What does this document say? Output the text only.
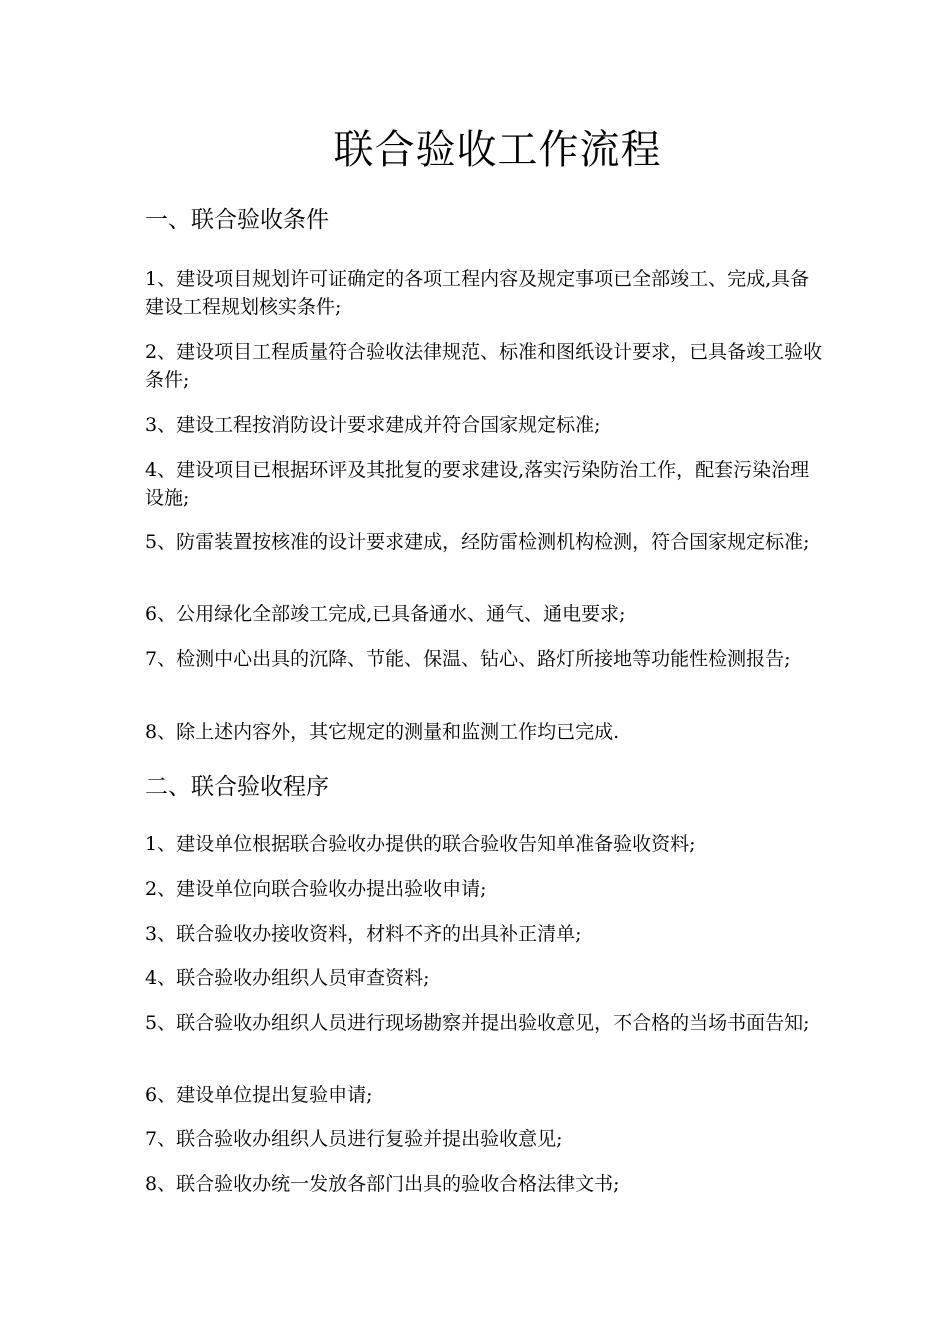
联合验收工作流程
一、联合验收条件

1、建设项目规划许可证确定的各项工程内容及规定事项已全部竣工、完成,具备建设工程规划核实条件;

2、建设项目工程质量符合验收法律规范、标准和图纸设计要求，已具备竣工验收条件;

3、建设工程按消防设计要求建成并符合国家规定标准;

4、建设项目已根据环评及其批复的要求建设,落实污染防治工作，配套污染治理设施;

5、防雷装置按核准的设计要求建成，经防雷检测机构检测，符合国家规定标准;

6、公用绿化全部竣工完成,已具备通水、通气、通电要求;

7、检测中心出具的沉降、节能、保温、钻心、路灯所接地等功能性检测报告;

8、除上述内容外，其它规定的测量和监测工作均已完成.

二、联合验收程序

1、建设单位根据联合验收办提供的联合验收告知单准备验收资料;

2、建设单位向联合验收办提出验收申请;

3、联合验收办接收资料，材料不齐的出具补正清单;

4、联合验收办组织人员审查资料;

5、联合验收办组织人员进行现场勘察并提出验收意见，不合格的当场书面告知;

6、建设单位提出复验申请;

7、联合验收办组织人员进行复验并提出验收意见;

8、联合验收办统一发放各部门出具的验收合格法律文书;
